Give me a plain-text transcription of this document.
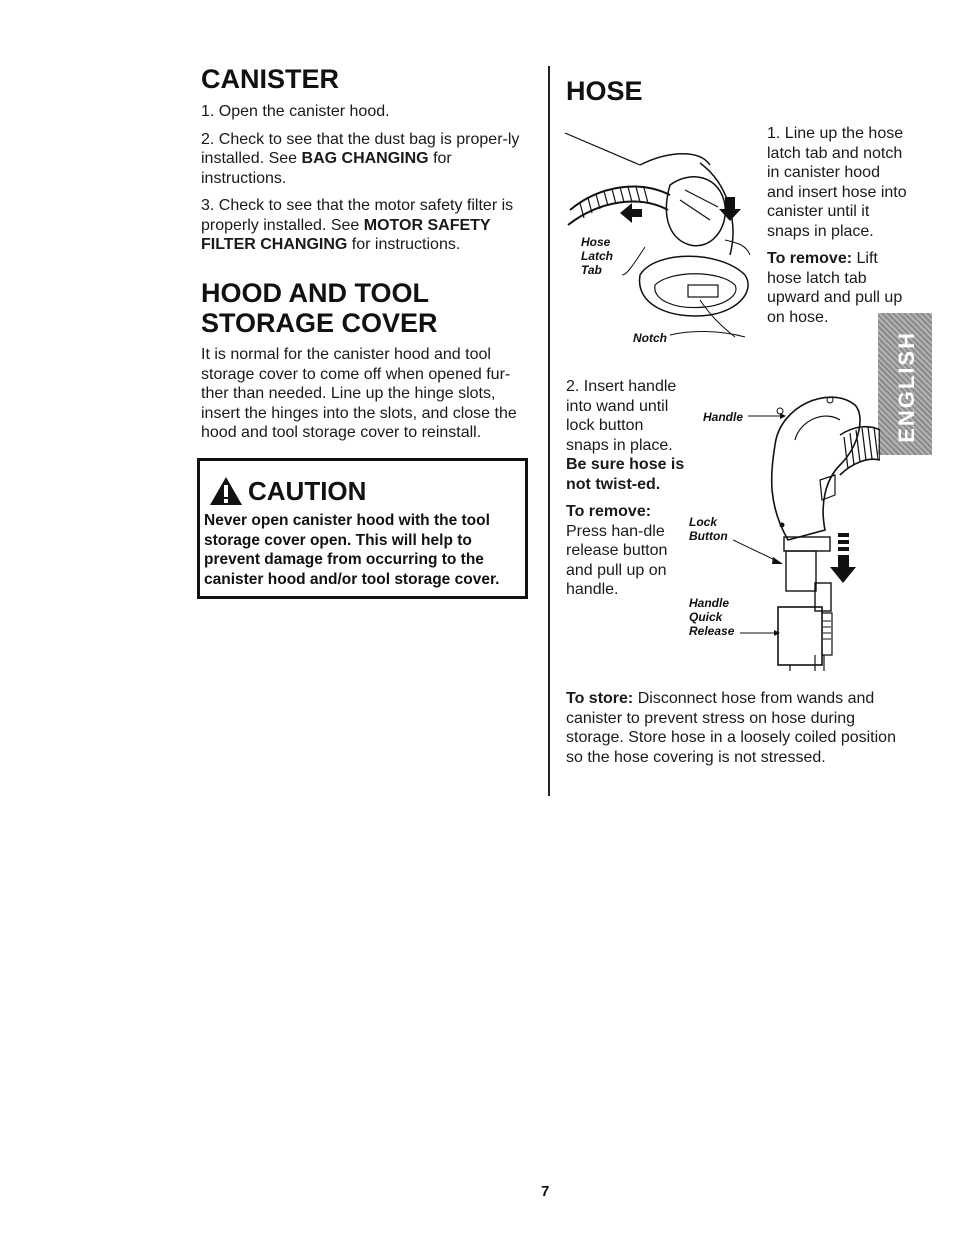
CANISTER

1. Open the canister hood.

2. Check to see that the dust bag is proper-ly installed. See BAG CHANGING for instructions.

3. Check to see that the motor safety filter is properly installed. See MOTOR SAFETY FILTER CHANGING for instructions.

HOOD AND TOOL
STORAGE COVER
It is normal for the canister hood and tool storage cover to come off when opened fur-ther than needed. Line up the hinge slots, insert the hinges into the slots, and close the hood and tool storage cover to reinstall.
CAUTION
Never open canister hood with the tool storage cover open. This will help to prevent damage from occurring to the canister hood and/or tool storage cover.
HOSE
Hose
Latch
Tab
Notch

1. Line up the hose latch tab and notch in canister hood and insert hose into canister until it snaps in place.

To remove: Lift hose latch tab upward and pull up on hose.

ENGLISH

2. Insert handle into wand until lock button snaps in place. Be sure hose is not twist-ed.

To remove:
Press han-dle release button and pull up on handle.

Handle
Lock
Button
Handle
Quick
Release
To store: Disconnect hose from wands and canister to prevent stress on hose during storage. Store hose in a loosely coiled position so the hose covering is not stressed.
7
